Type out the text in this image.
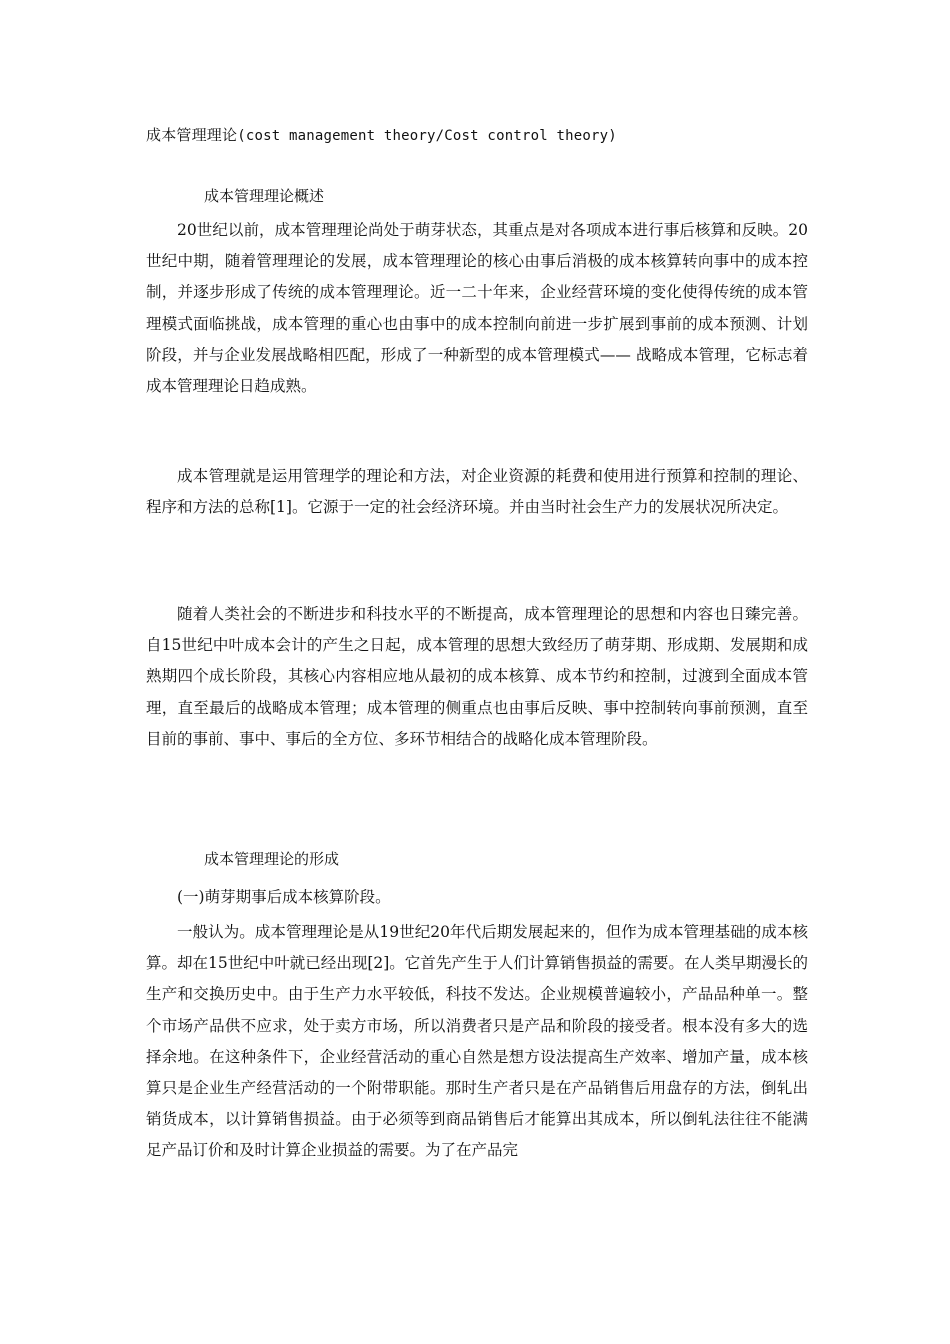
成本管理理论(cost management theory/Cost control theory)
成本管理理论概述

20世纪以前，成本管理理论尚处于萌芽状态，其重点是对各项成本进行事后核算和反映。20世纪中期，随着管理理论的发展，成本管理理论的核心由事后消极的成本核算转向事中的成本控制，并逐步形成了传统的成本管理理论。近一二十年来，企业经营环境的变化使得传统的成本管理模式面临挑战，成本管理的重心也由事中的成本控制向前进一步扩展到事前的成本预测、计划阶段，并与企业发展战略相匹配，形成了一种新型的成本管理模式—— 战略成本管理，它标志着成本管理理论日趋成熟。

成本管理就是运用管理学的理论和方法，对企业资源的耗费和使用进行预算和控制的理论、程序和方法的总称[1]。它源于一定的社会经济环境。并由当时社会生产力的发展状况所决定。

随着人类社会的不断进步和科技水平的不断提高，成本管理理论的思想和内容也日臻完善。自15世纪中叶成本会计的产生之日起，成本管理的思想大致经历了萌芽期、形成期、发展期和成熟期四个成长阶段，其核心内容相应地从最初的成本核算、成本节约和控制，过渡到全面成本管理，直至最后的战略成本管理；成本管理的侧重点也由事后反映、事中控制转向事前预测，直至目前的事前、事中、事后的全方位、多环节相结合的战略化成本管理阶段。

成本管理理论的形成
(一)萌芽期事后成本核算阶段。

一般认为。成本管理理论是从19世纪20年代后期发展起来的，但作为成本管理基础的成本核算。却在15世纪中叶就已经出现[2]。它首先产生于人们计算销售损益的需要。在人类早期漫长的生产和交换历史中。由于生产力水平较低，科技不发达。企业规模普遍较小，产品品种单一。整个市场产品供不应求，处于卖方市场，所以消费者只是产品和阶段的接受者。根本没有多大的选择余地。在这种条件下，企业经营活动的重心自然是想方设法提高生产效率、增加产量，成本核算只是企业生产经营活动的一个附带职能。那时生产者只是在产品销售后用盘存的方法，倒轧出销货成本，以计算销售损益。由于必须等到商品销售后才能算出其成本，所以倒轧法往往不能满足产品订价和及时计算企业损益的需要。为了在产品完
